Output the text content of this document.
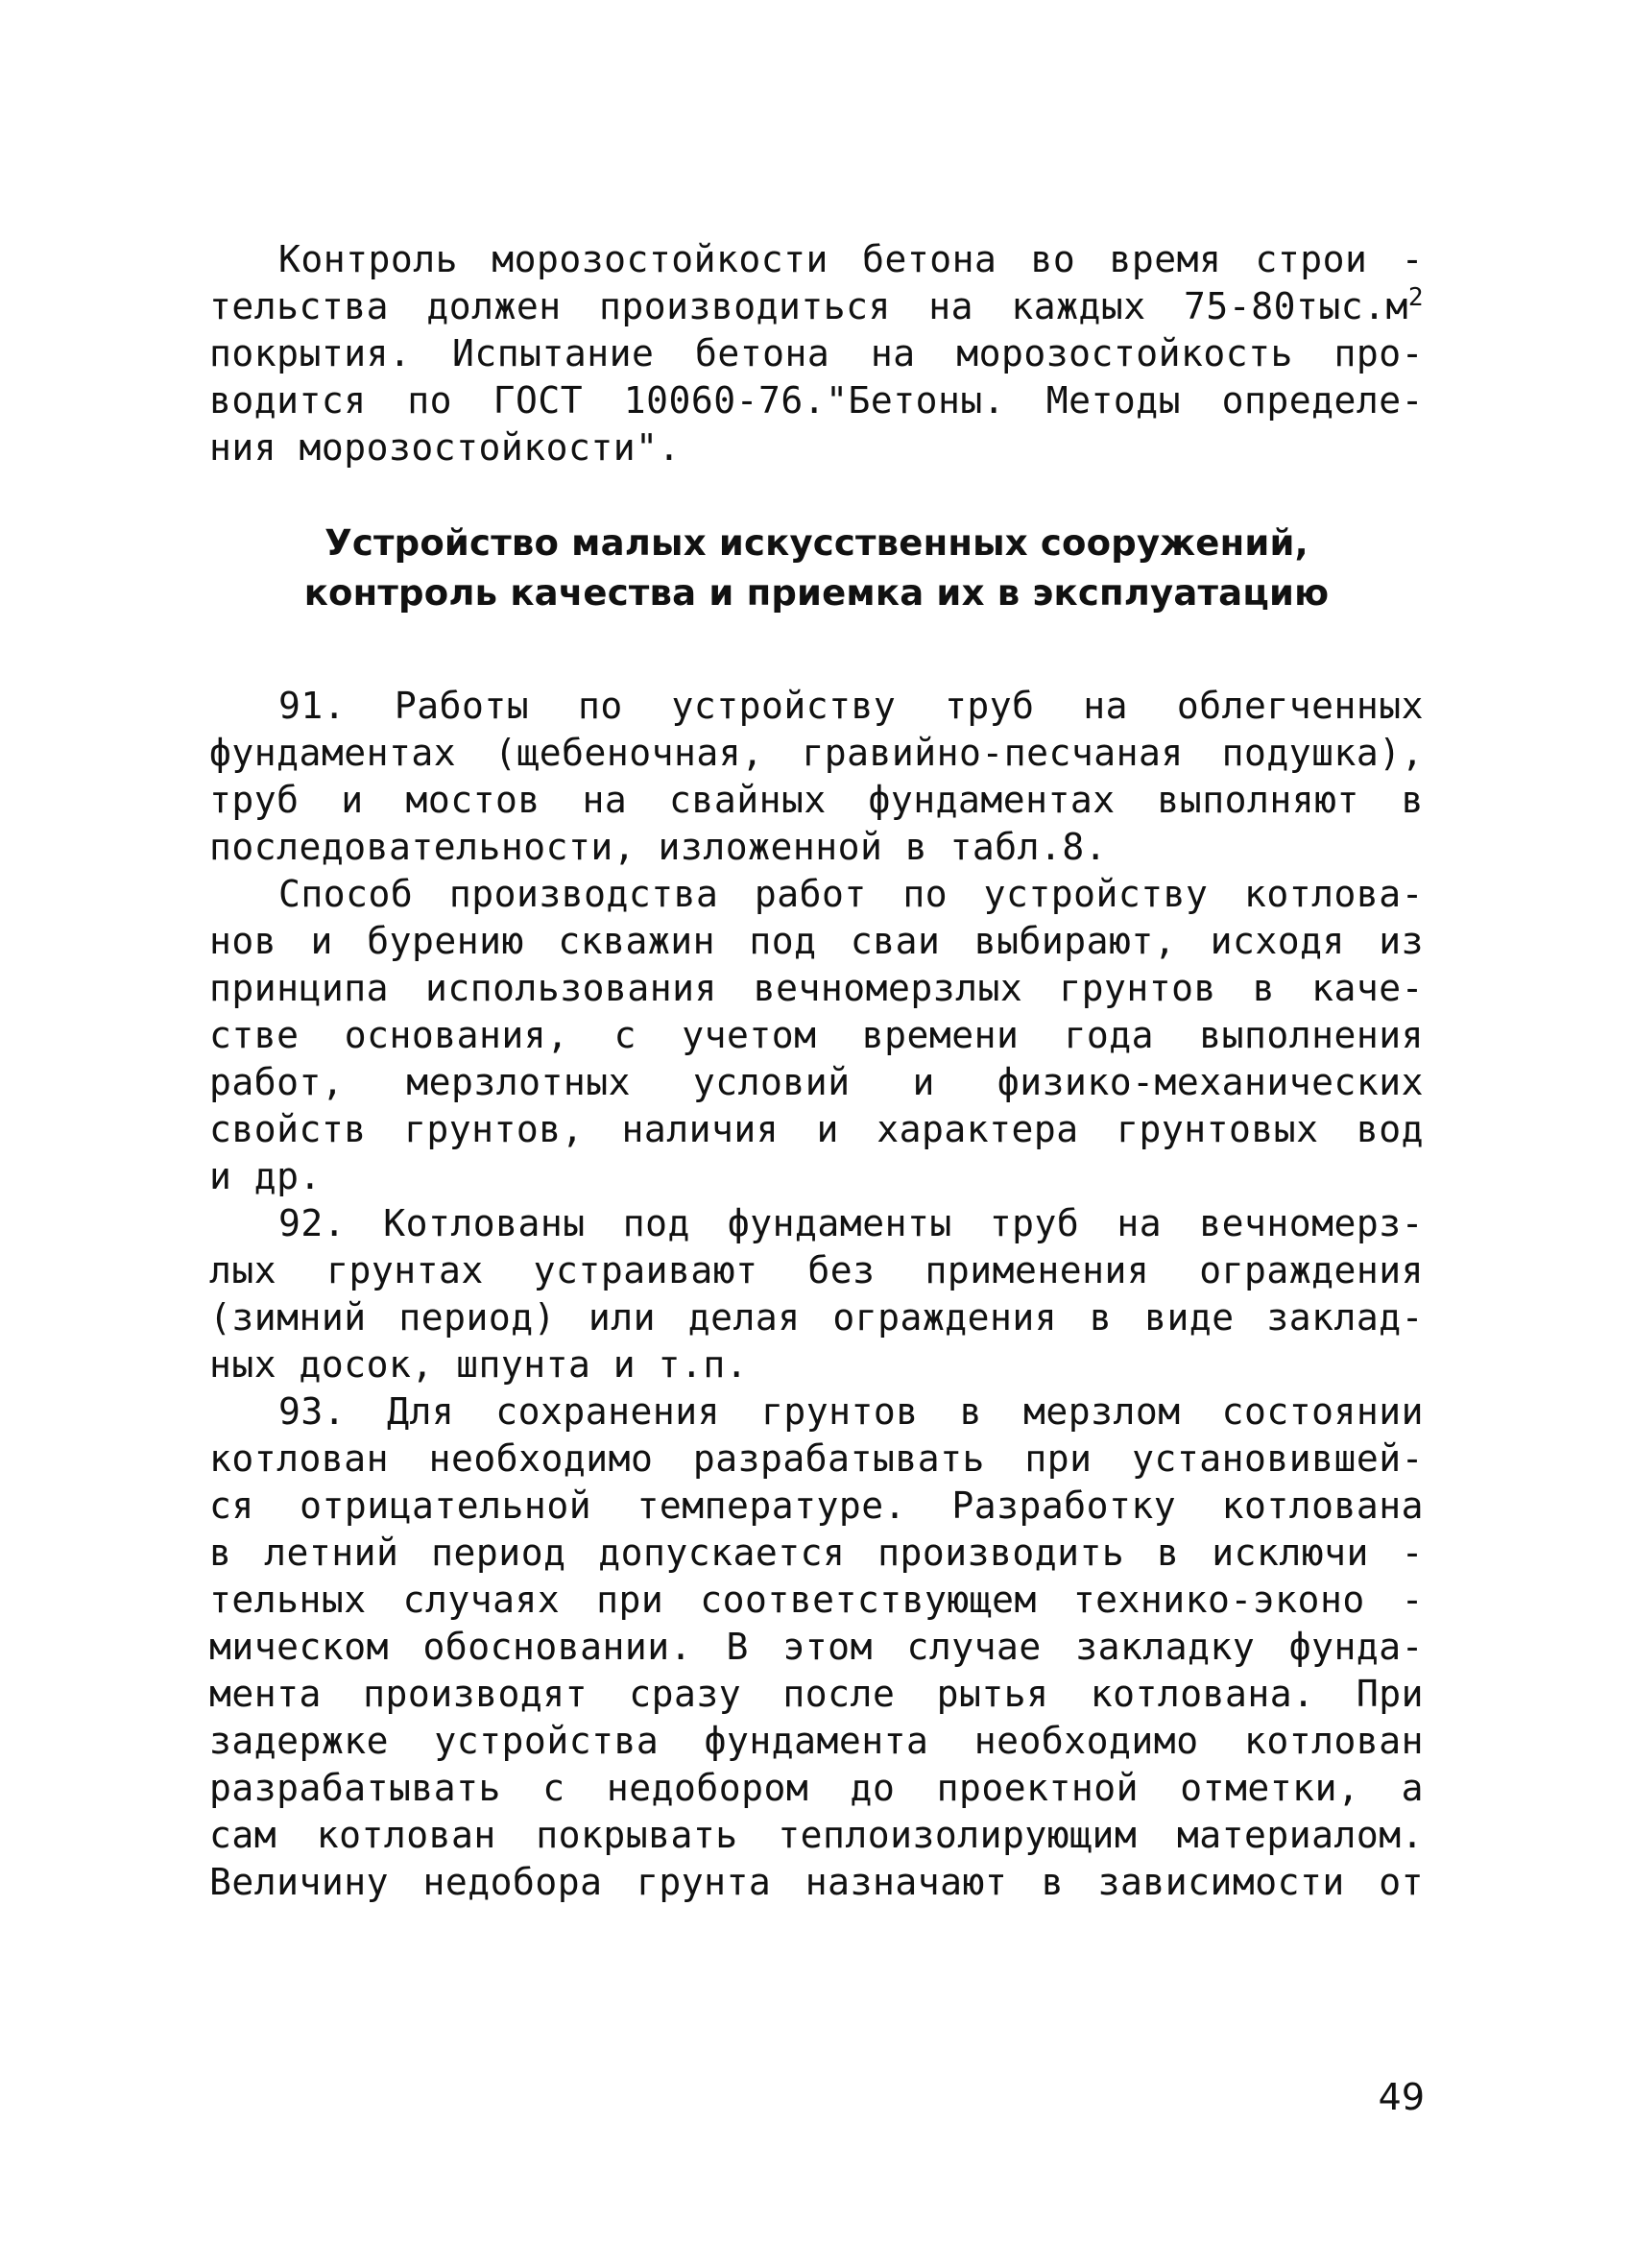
Контроль морозостойкости бетона во время строи -
тельства должен производиться на каждых $75-80тыс.м^2$
покрытия. Испытание бетона на морозостойкость про-
водится по ГОСТ 10060-76."Бетоны. Методы определе-
ния морозостойкости".
Устройство малых искусственных сооружений,
контроль качества и приемка их в эксплуатацию
91. Работы по устройству труб на облегченных
фундаментах (щебеночная, гравийно-песчаная подушка),
труб и мостов на свайных фундаментах выполняют в
последовательности, изложенной в табл.8.
Способ производства работ по устройству котлова-
нов и бурению скважин под сваи выбирают, исходя из
принципа использования вечномерзлых грунтов в каче-
стве основания, с учетом времени года выполнения
работ, мерзлотных условий и физико-механических
свойств грунтов, наличия и характера грунтовых вод
и др.
92. Котлованы под фундаменты труб на вечномерз-
лых грунтах устраивают без применения ограждения
(зимний период) или делая ограждения в виде заклад-
ных досок, шпунта и т.п.
93. Для сохранения грунтов в мерзлом состоянии
котлован необходимо разрабатывать при установившей-
ся отрицательной температуре. Разработку котлована
в летний период допускается производить в исключи -
тельных случаях при соответствующем технико-эконо -
мическом обосновании. В этом случае закладку фунда-
мента производят сразу после рытья котлована. При
задержке устройства фундамента необходимо котлован
разрабатывать с недобором до проектной отметки, а
сам котлован покрывать теплоизолирующим материалом.
Величину недобора грунта назначают в зависимости от
49
